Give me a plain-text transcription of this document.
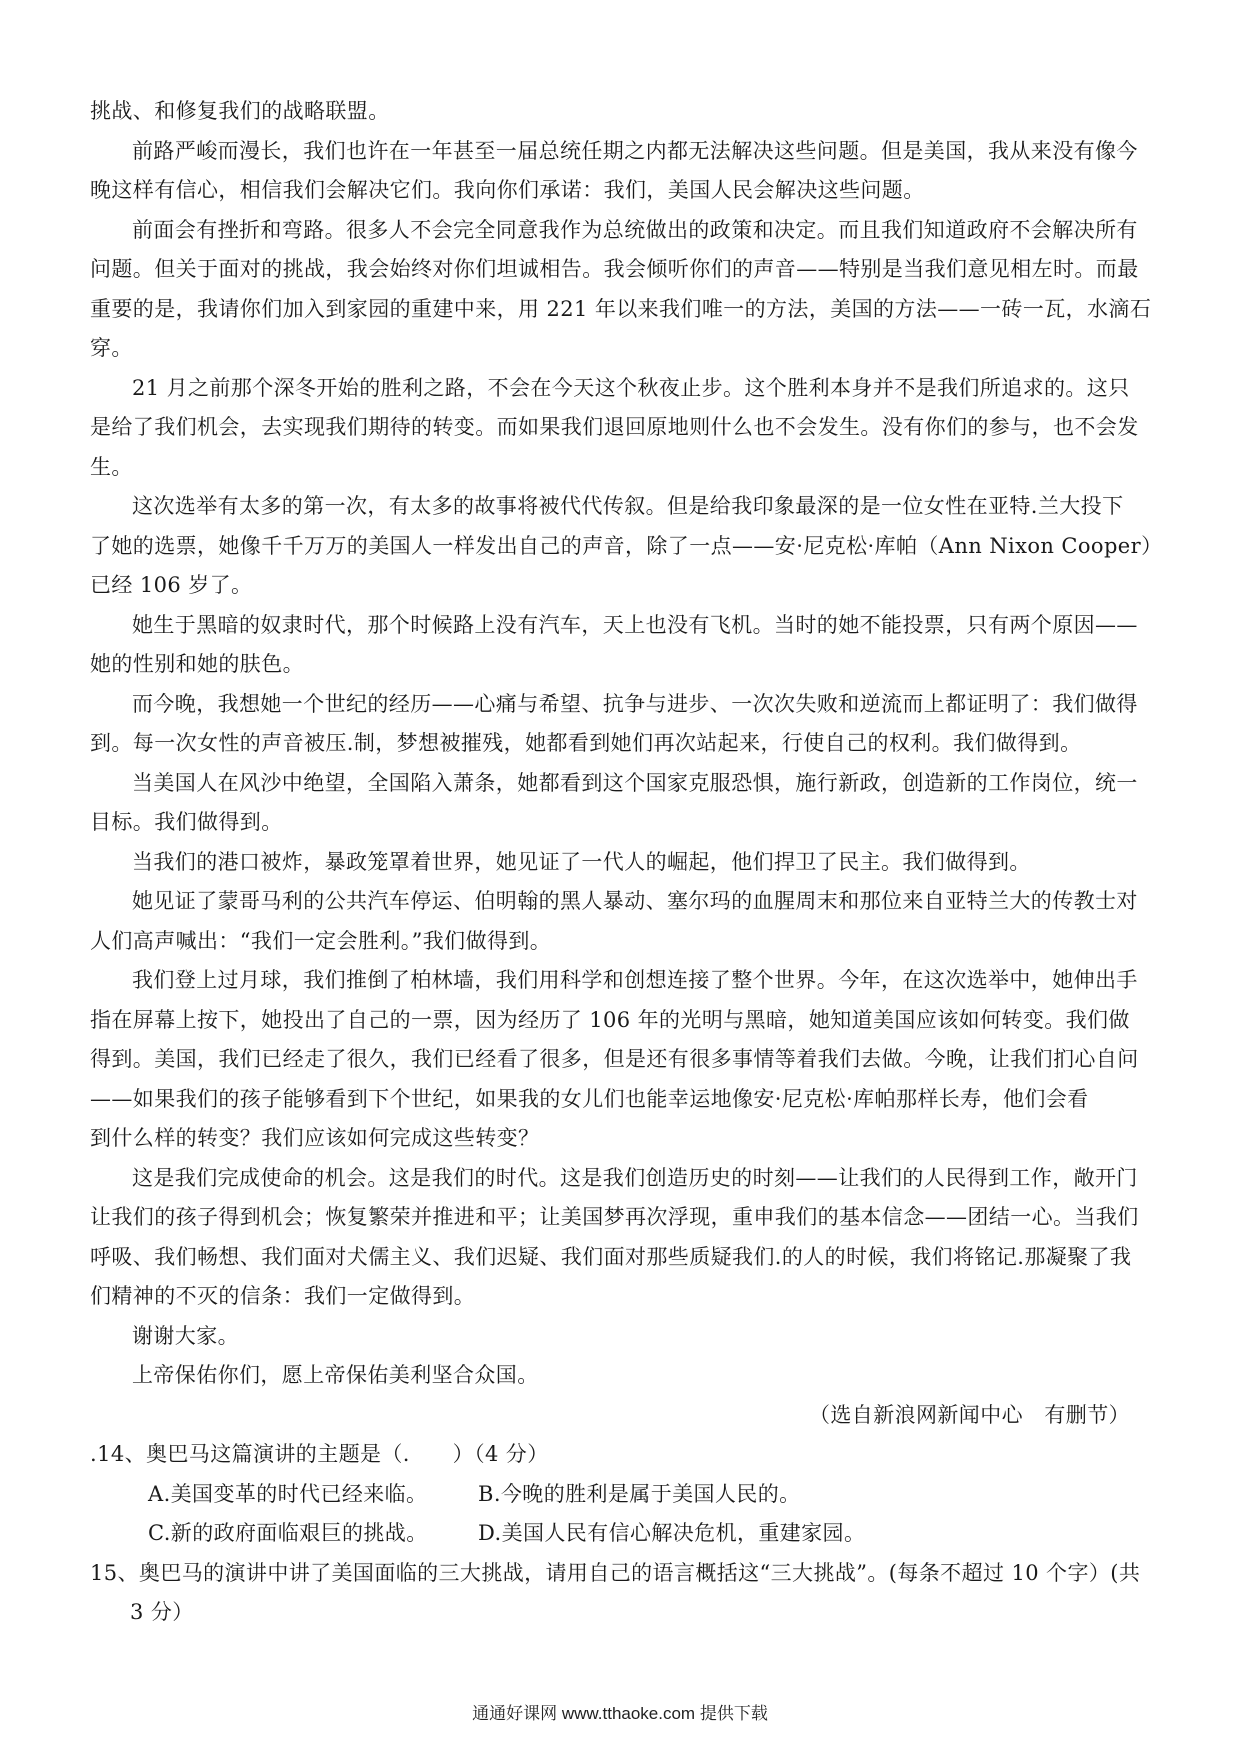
挑战、和修复我们的战略联盟。
前路严峻而漫长，我们也许在一年甚至一届总统任期之内都无法解决这些问题。但是美国，我从来没有像今
晚这样有信心，相信我们会解决它们。我向你们承诺：我们，美国人民会解决这些问题。
前面会有挫折和弯路。很多人不会完全同意我作为总统做出的政策和决定。而且我们知道政府不会解决所有
问题。但关于面对的挑战，我会始终对你们坦诚相告。我会倾听你们的声音——特别是当我们意见相左时。而最
重要的是，我请你们加入到家园的重建中来，用 221 年以来我们唯一的方法，美国的方法——一砖一瓦，水滴石
穿。
21 月之前那个深冬开始的胜利之路，不会在今天这个秋夜止步。这个胜利本身并不是我们所追求的。这只
是给了我们机会，去实现我们期待的转变。而如果我们退回原地则什么也不会发生。没有你们的参与，也不会发
生。
这次选举有太多的第一次，有太多的故事将被代代传叙。但是给我印象最深的是一位女性在亚特.兰大投下
了她的选票，她像千千万万的美国人一样发出自己的声音，除了一点——安·尼克松·库帕（Ann Nixon Cooper）
已经 106 岁了。
她生于黑暗的奴隶时代，那个时候路上没有汽车，天上也没有飞机。当时的她不能投票，只有两个原因——
她的性别和她的肤色。
而今晚，我想她一个世纪的经历——心痛与希望、抗争与进步、一次次失败和逆流而上都证明了：我们做得
到。每一次女性的声音被压.制，梦想被摧残，她都看到她们再次站起来，行使自己的权利。我们做得到。
当美国人在风沙中绝望，全国陷入萧条，她都看到这个国家克服恐惧，施行新政，创造新的工作岗位，统一
目标。我们做得到。
当我们的港口被炸，暴政笼罩着世界，她见证了一代人的崛起，他们捍卫了民主。我们做得到。
她见证了蒙哥马利的公共汽车停运、伯明翰的黑人暴动、塞尔玛的血腥周末和那位来自亚特兰大的传教士对
人们高声喊出：“我们一定会胜利。”我们做得到。
我们登上过月球，我们推倒了柏林墙，我们用科学和创想连接了整个世界。今年，在这次选举中，她伸出手
指在屏幕上按下，她投出了自己的一票，因为经历了 106 年的光明与黑暗，她知道美国应该如何转变。我们做
得到。美国，我们已经走了很久，我们已经看了很多，但是还有很多事情等着我们去做。今晚，让我们扪心自问
——如果我们的孩子能够看到下个世纪，如果我的女儿们也能幸运地像安·尼克松·库帕那样长寿，他们会看
到什么样的转变？我们应该如何完成这些转变？
这是我们完成使命的机会。这是我们的时代。这是我们创造历史的时刻——让我们的人民得到工作，敞开门
让我们的孩子得到机会；恢复繁荣并推进和平；让美国梦再次浮现，重申我们的基本信念——团结一心。当我们
呼吸、我们畅想、我们面对犬儒主义、我们迟疑、我们面对那些质疑我们.的人的时候，我们将铭记.那凝聚了我
们精神的不灭的信条：我们一定做得到。
谢谢大家。
上帝保佑你们，愿上帝保佑美利坚合众国。
（选自新浪网新闻中心　有删节）
.14、奥巴马这篇演讲的主题是（.　　）（4 分）
A.美国变革的时代已经来临。	B.今晚的胜利是属于美国人民的。
C.新的政府面临艰巨的挑战。	D.美国人民有信心解决危机，重建家园。
15、奥巴马的演讲中讲了美国面临的三大挑战，请用自己的语言概括这“三大挑战”。(每条不超过 10 个字）(共
3 分）
通通好课网 www.tthaoke.com 提供下载
